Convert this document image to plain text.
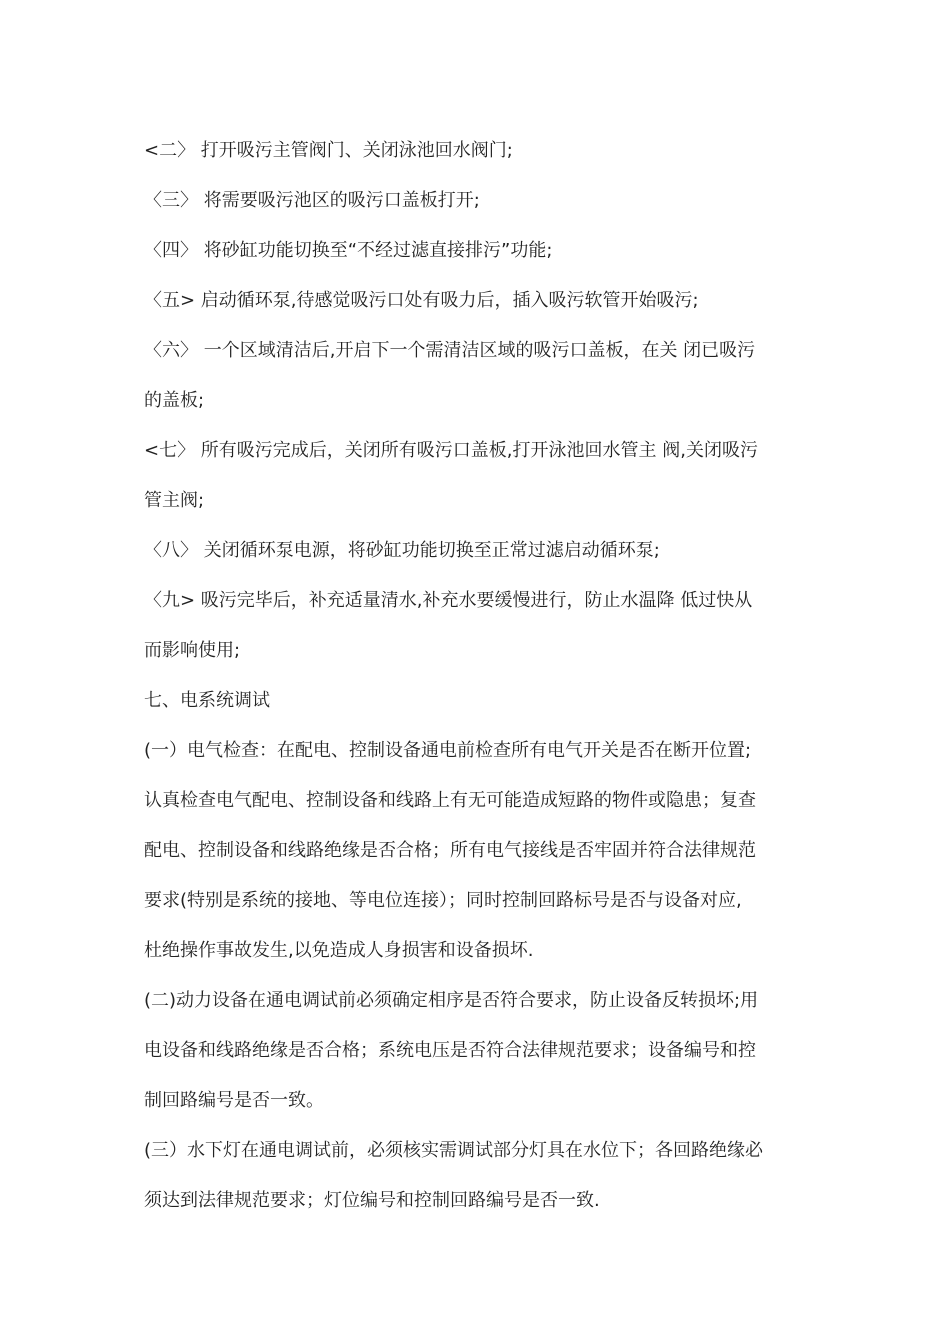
<二〉 打开吸污主管阀门、关闭泳池回水阀门;
〈三〉 将需要吸污池区的吸污口盖板打开;
〈四〉 将砂缸功能切换至“不经过滤直接排污”功能;
〈五> 启动循环泵,待感觉吸污口处有吸力后，插入吸污软管开始吸污;
〈六〉 一个区域清洁后,开启下一个需清洁区域的吸污口盖板，在关 闭已吸污
的盖板;
<七〉 所有吸污完成后，关闭所有吸污口盖板,打开泳池回水管主 阀,关闭吸污
管主阀;
〈八〉 关闭循环泵电源，将砂缸功能切换至正常过滤启动循环泵;
〈九> 吸污完毕后，补充适量清水,补充水要缓慢进行，防止水温降 低过快从
而影响使用;
七、电系统调试
(一）电气检查：在配电、控制设备通电前检查所有电气开关是否在断开位置;
认真检查电气配电、控制设备和线路上有无可能造成短路的物件或隐患；复查
配电、控制设备和线路绝缘是否合格；所有电气接线是否牢固并符合法律规范
要求(特别是系统的接地、等电位连接）；同时控制回路标号是否与设备对应,
杜绝操作事故发生,以免造成人身损害和设备损坏.
(二)动力设备在通电调试前必须确定相序是否符合要求，防止设备反转损坏;用
电设备和线路绝缘是否合格；系统电压是否符合法律规范要求；设备编号和控
制回路编号是否一致。
(三）水下灯在通电调试前，必须核实需调试部分灯具在水位下；各回路绝缘必
须达到法律规范要求；灯位编号和控制回路编号是否一致.
